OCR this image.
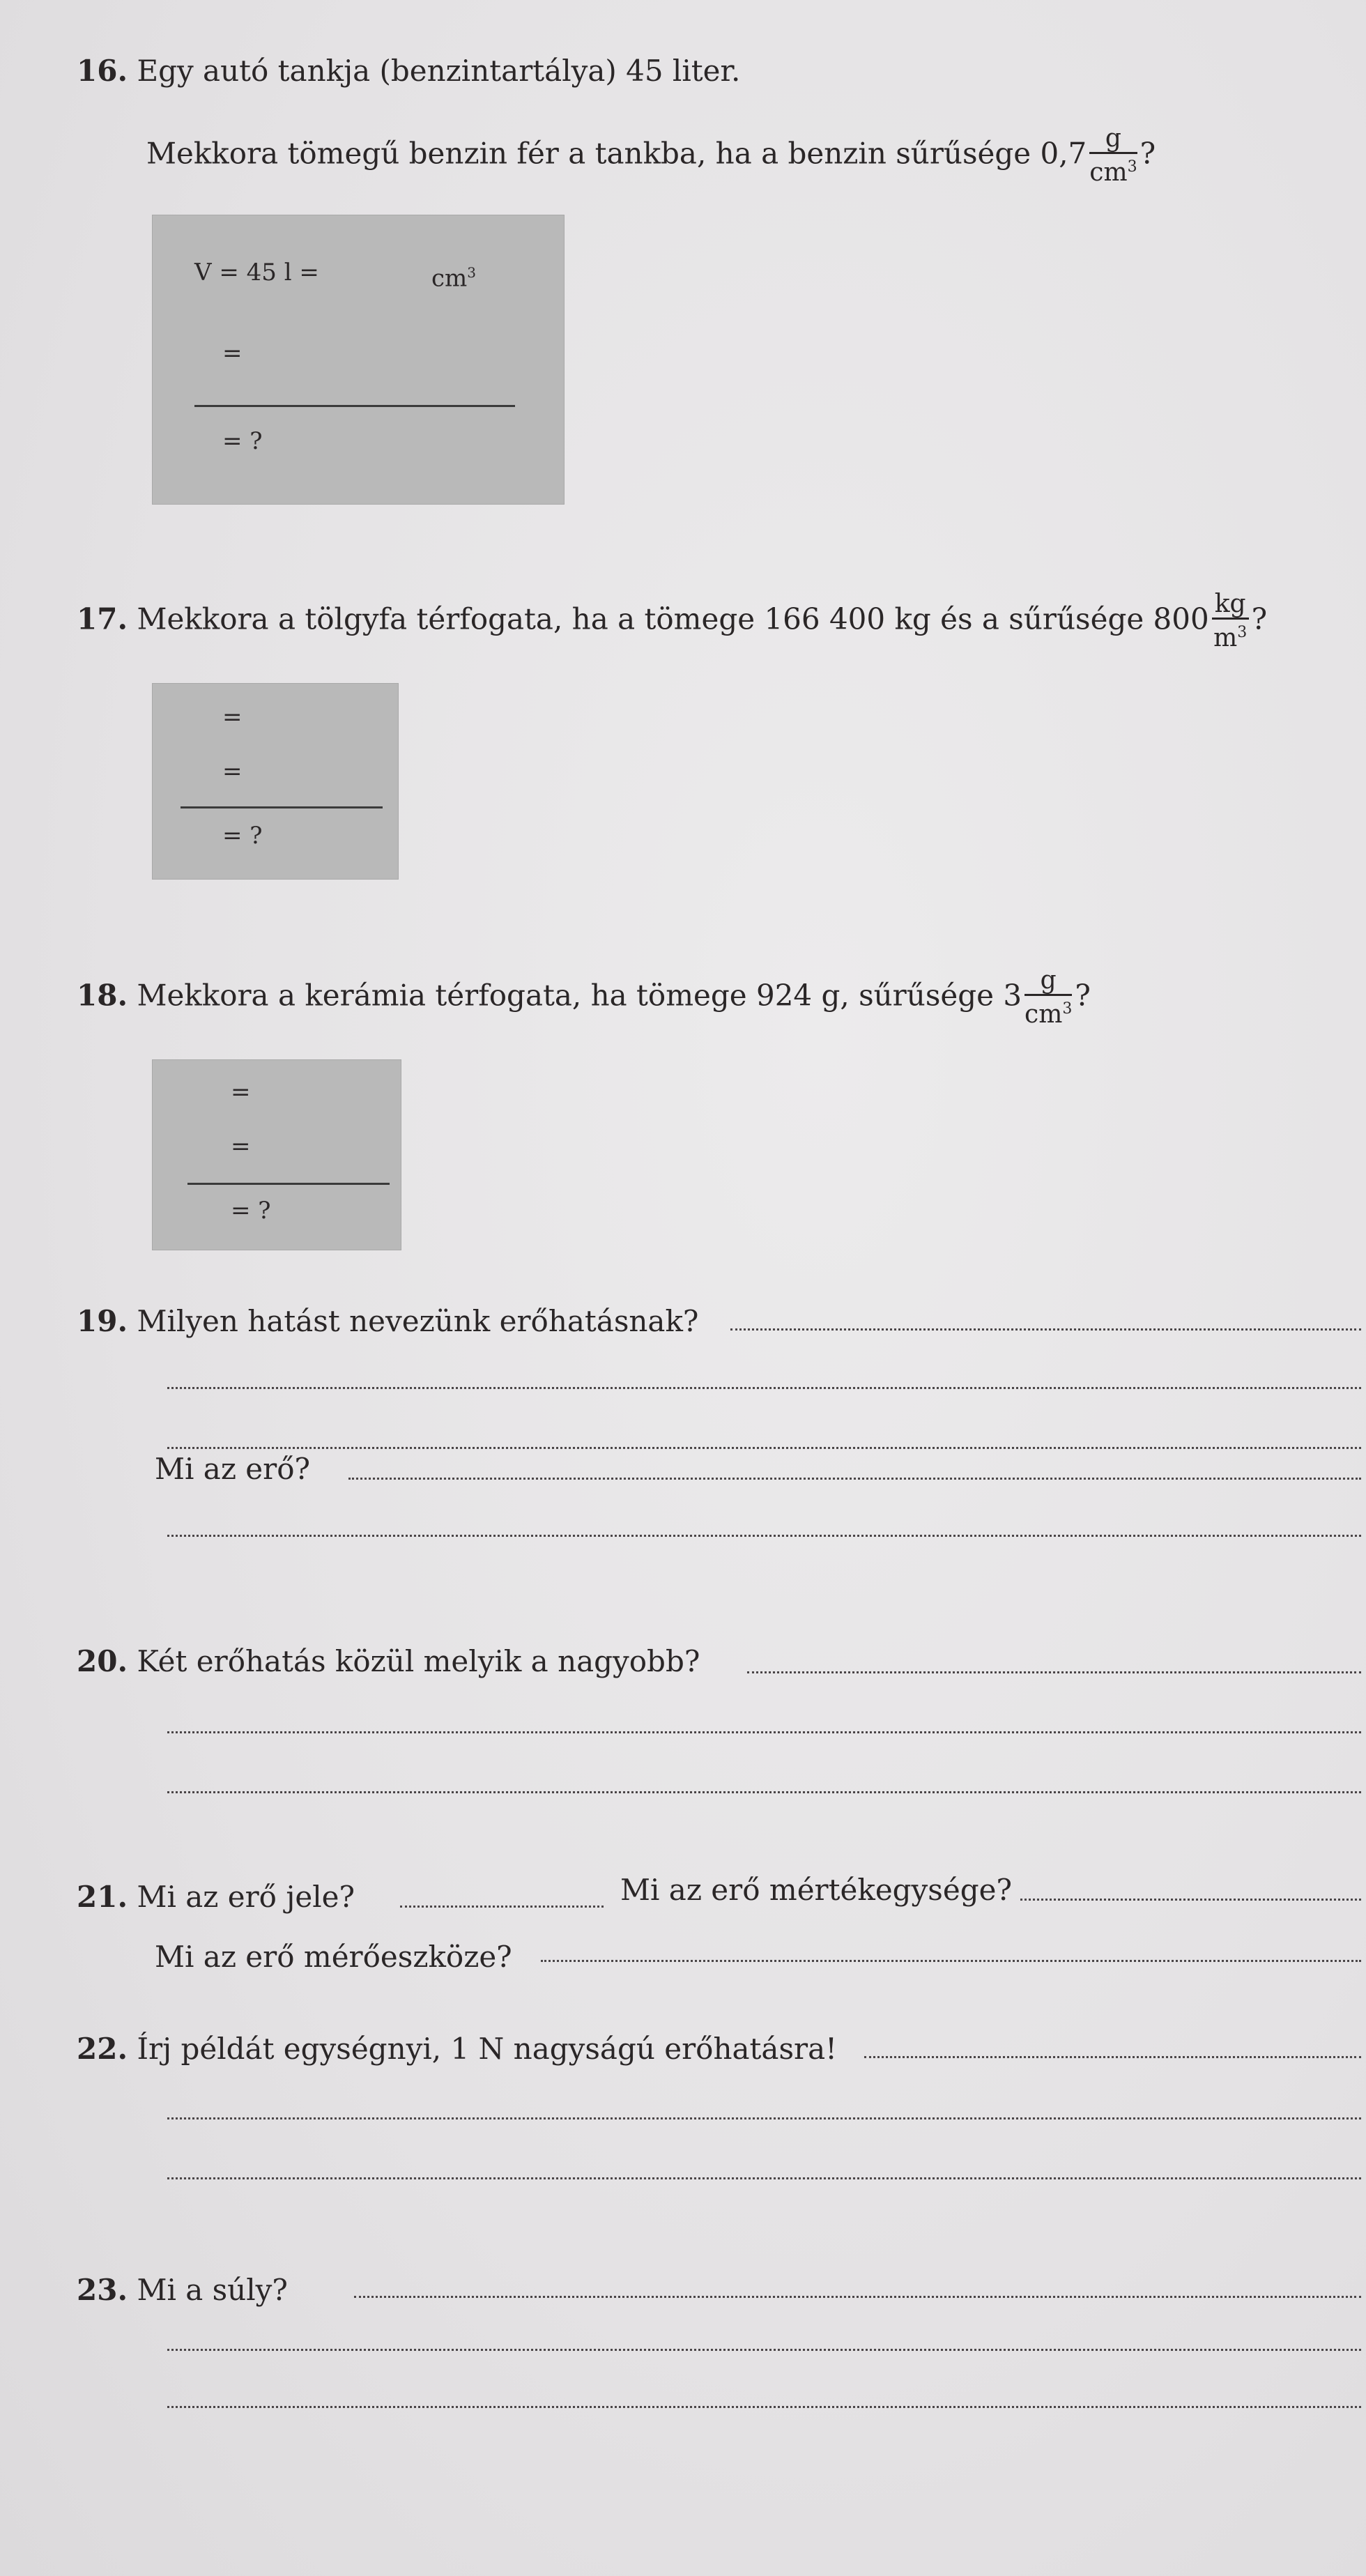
16. Egy autó tankja (benzintartálya) 45 liter.
Mekkora tömegű benzin fér a tankba, ha a benzin sűrűsége $0,7 \frac{g}{cm^3}$ ?
V = 45 l =	$cm^3$
=
= ?
17. Mekkora a tölgyfa térfogata, ha a tömege 166 400 kg és a sűrűsége $800 \frac{kg}{m^3}$ ?
=
=
= ?
18. Mekkora a kerámia térfogata, ha tömege 924 g, sűrűsége $3 \frac{g}{cm^3}$ ?
=
=
= ?
19. Milyen hatást nevezünk erőhatásnak?
Mi az erő?
20. Két erőhatás közül melyik a nagyobb?
21. Mi az erő jele?	Mi az erő mértékegysége?
Mi az erő mérőeszköze?
22. Írj példát egységnyi, 1 N nagyságú erőhatásra!
23. Mi a súly?
